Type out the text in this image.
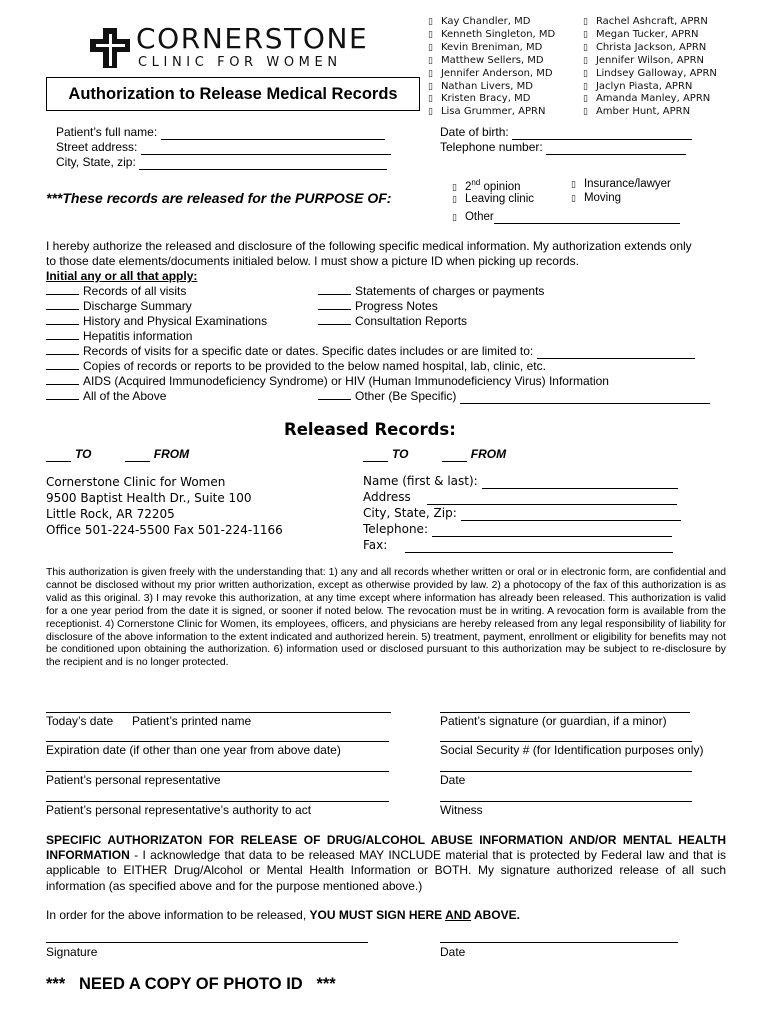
CORNERSTONE
CLINIC FOR WOMEN
Authorization to Release Medical Records
▯ Kay Chandler, MD
▯ Kenneth Singleton, MD
▯ Kevin Breniman, MD
▯ Matthew Sellers, MD
▯ Jennifer Anderson, MD
▯ Nathan Livers, MD
▯ Kristen Bracy, MD
▯ Lisa Grummer, APRN
▯ Rachel Ashcraft, APRN
▯ Megan Tucker, APRN
▯ Christa Jackson, APRN
▯ Jennifer Wilson, APRN
▯ Lindsey Galloway, APRN
▯ Jaclyn Piasta, APRN
▯ Amanda Manley, APRN
▯ Amber Hunt, APRN
Patient’s full name:
Street address:
City, State, zip:
Date of birth:
Telephone number:
***These records are released for the PURPOSE OF:
▯ 2nd opinion
▯ Leaving clinic
▯ Other
▯ Insurance/lawyer
▯ Moving
I hereby authorize the released and disclosure of the following specific medical information. My authorization extends only
to those date elements/documents initialed below. I must show a picture ID when picking up records.
Initial any or all that apply:
Records of all visits
Discharge Summary
History and Physical Examinations
Statements of charges or payments
Progress Notes
Consultation Reports
Hepatitis information
Records of visits for a specific date or dates. Specific dates includes or are limited to:
Copies of records or reports to be provided to the below named hospital, lab, clinic, etc.
AIDS (Acquired Immunodeficiency Syndrome) or HIV (Human Immunodeficiency Virus) Information
All of the Above	Other (Be Specific)
Released Records:
TO	FROM	TO	FROM
Cornerstone Clinic for Women
9500 Baptist Health Dr., Suite 100
Little Rock, AR 72205
Office 501-224-5500 Fax 501-224-1166
Name (first & last):
Address
City, State, Zip:
Telephone:
Fax:
This authorization is given freely with the understanding that: 1) any and all records whether written or oral or in electronic form, are confidential and cannot be disclosed without my prior written authorization, except as otherwise provided by law. 2) a photocopy of the fax of this authorization is as valid as this original. 3) I may revoke this authorization, at any time except where information has already been released. This authorization is valid for a one year period from the date it is signed, or sooner if noted below. The revocation must be in writing. A revocation form is available from the receptionist. 4) Cornerstone Clinic for Women, its employees, officers, and physicians are hereby released from any legal responsibility of liability for disclosure of the above information to the extent indicated and authorized herein. 5) treatment, payment, enrollment or eligibility for benefits may not be conditioned upon obtaining the authorization. 6) information used or disclosed pursuant to this authorization may be subject to re-disclosure by the recipient and is no longer protected.
Today’s date Patient’s printed name	Patient’s signature (or guardian, if a minor)
Expiration date (if other than one year from above date)	Social Security # (for Identification purposes only)
Patient’s personal representative	Date
Patient’s personal representative’s authority to act	Witness
SPECIFIC AUTHORIZATON FOR RELEASE OF DRUG/ALCOHOL ABUSE INFORMATION AND/OR MENTAL HEALTH INFORMATION - I acknowledge that data to be released MAY INCLUDE material that is protected by Federal law and that is applicable to EITHER Drug/Alcohol or Mental Health Information or BOTH. My signature authorized release of all such information (as specified above and for the purpose mentioned above.)
In order for the above information to be released, YOU MUST SIGN HERE AND ABOVE.
Signature	Date
***   NEED A COPY OF PHOTO ID   ***
